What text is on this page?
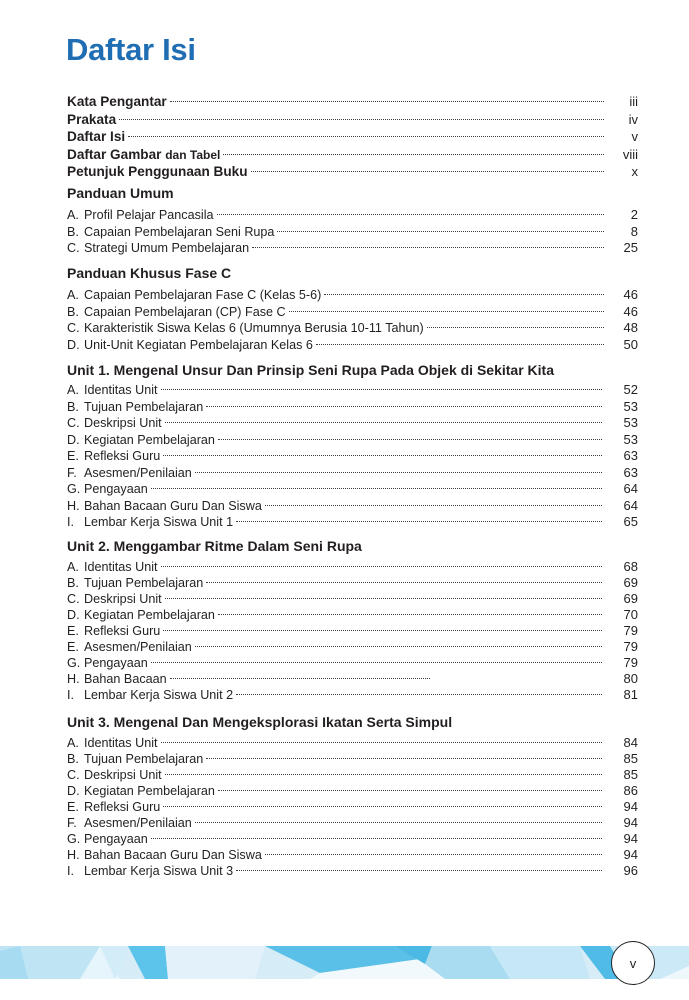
Daftar Isi
Kata Pengantar	iii
Prakata	iv
Daftar Isi	v
Daftar Gambar dan Tabel	viii
Petunjuk Penggunaan Buku	x
Panduan Umum
A. Profil Pelajar Pancasila	2
B. Capaian Pembelajaran Seni Rupa	8
C. Strategi Umum Pembelajaran	25
Panduan Khusus Fase C
A. Capaian Pembelajaran Fase C (Kelas 5-6)	46
B. Capaian Pembelajaran (CP) Fase C	46
C. Karakteristik Siswa Kelas 6 (Umumnya Berusia 10-11 Tahun)	48
D. Unit-Unit Kegiatan Pembelajaran Kelas 6	50
Unit 1. Mengenal Unsur Dan Prinsip Seni Rupa Pada Objek di Sekitar Kita
A. Identitas Unit	52
B. Tujuan Pembelajaran	53
C. Deskripsi Unit	53
D. Kegiatan Pembelajaran	53
E. Refleksi Guru	63
F. Asesmen/Penilaian	63
G. Pengayaan	64
H. Bahan Bacaan Guru Dan Siswa	64
I. Lembar Kerja Siswa Unit 1	65
Unit 2. Menggambar Ritme Dalam Seni Rupa
A. Identitas Unit	68
B. Tujuan Pembelajaran	69
C. Deskripsi Unit	69
D. Kegiatan Pembelajaran	70
E. Refleksi Guru	79
E. Asesmen/Penilaian	79
G. Pengayaan	79
H. Bahan Bacaan	80
I. Lembar Kerja Siswa Unit 2	81
Unit 3. Mengenal Dan Mengeksplorasi Ikatan Serta Simpul
A. Identitas Unit	84
B. Tujuan Pembelajaran	85
C. Deskripsi Unit	85
D. Kegiatan Pembelajaran	86
E. Refleksi Guru	94
F. Asesmen/Penilaian	94
G. Pengayaan	94
H. Bahan Bacaan Guru Dan Siswa	94
I. Lembar Kerja Siswa Unit 3	96
v
